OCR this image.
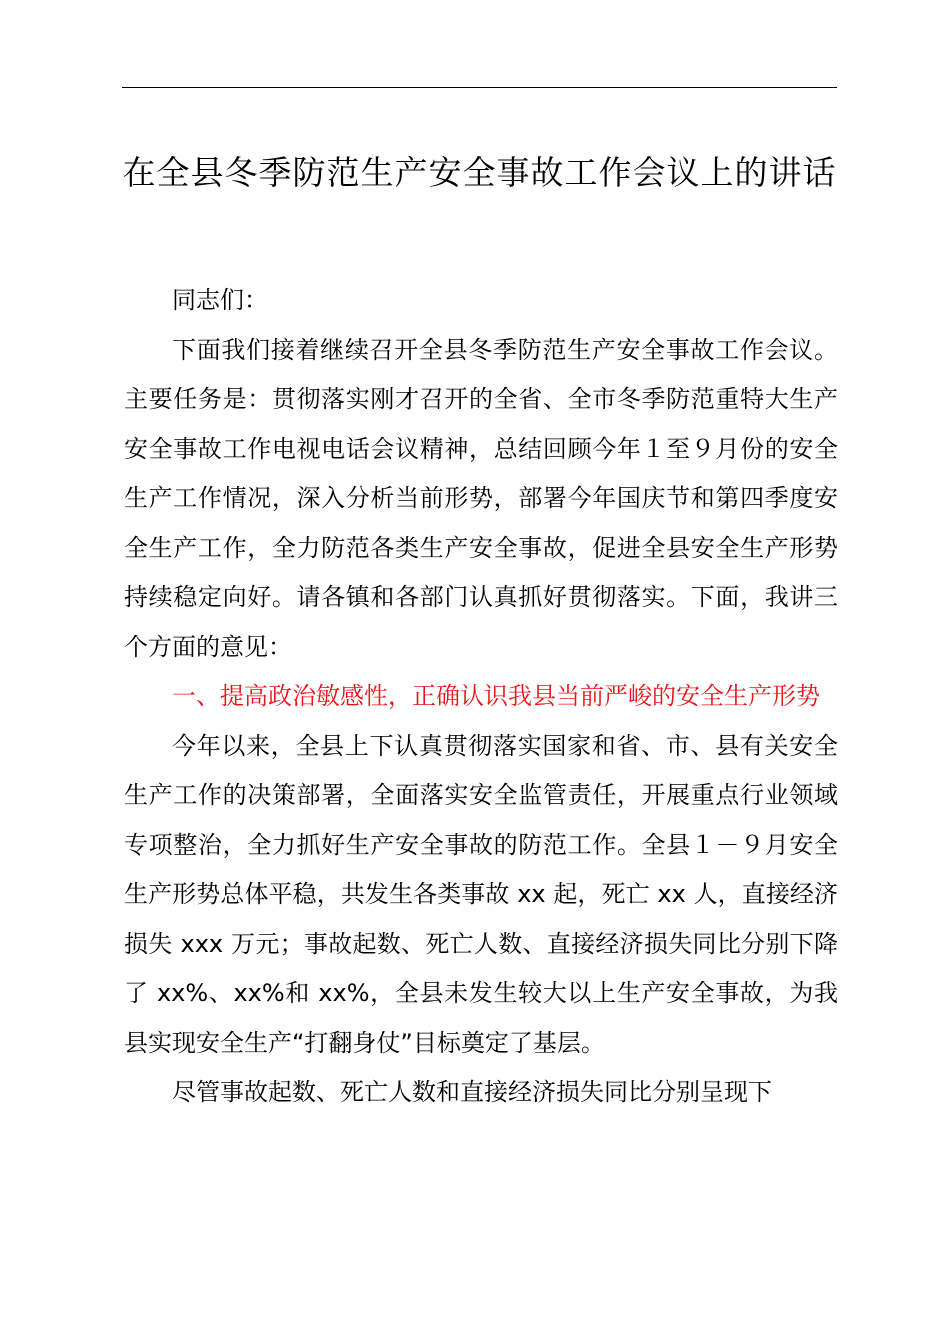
在全县冬季防范生产安全事故工作会议上的讲话

同志们：

下面我们接着继续召开全县冬季防范生产安全事故工作会议。主要任务是：贯彻落实刚才召开的全省、全市冬季防范重特大生产安全事故工作电视电话会议精神，总结回顾今年１至９月份的安全生产工作情况，深入分析当前形势，部署今年国庆节和第四季度安全生产工作，全力防范各类生产安全事故，促进全县安全生产形势持续稳定向好。请各镇和各部门认真抓好贯彻落实。下面，我讲三个方面的意见：

一、提高政治敏感性，正确认识我县当前严峻的安全生产形势

今年以来，全县上下认真贯彻落实国家和省、市、县有关安全生产工作的决策部署，全面落实安全监管责任，开展重点行业领域专项整治，全力抓好生产安全事故的防范工作。全县１－９月安全生产形势总体平稳，共发生各类事故 xx 起，死亡 xx 人，直接经济损失 xxx 万元；事故起数、死亡人数、直接经济损失同比分别下降了 xx%、xx%和 xx%，全县未发生较大以上生产安全事故，为我县实现安全生产“打翻身仗”目标奠定了基层。

尽管事故起数、死亡人数和直接经济损失同比分别呈现下
